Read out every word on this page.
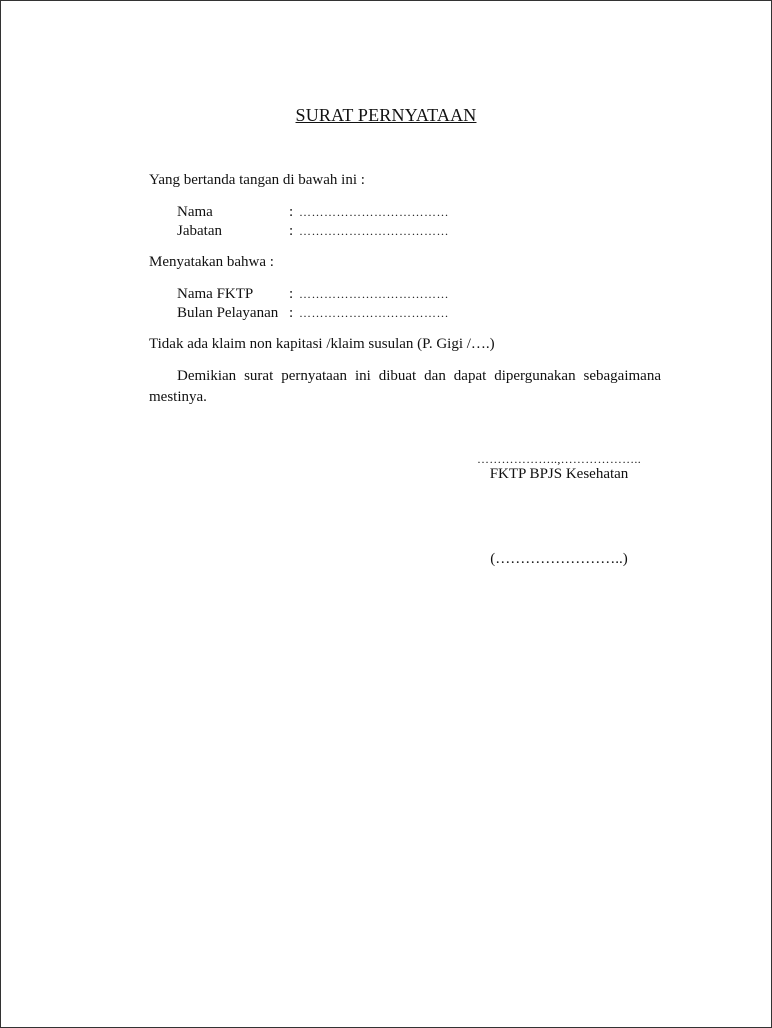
SURAT PERNYATAAN
Yang bertanda tangan di bawah ini :
Nama	: ………………………………
Jabatan	: ………………………………
Menyatakan bahwa :
Nama FKTP : ………………………………
Bulan Pelayanan : ………………………………
Tidak ada klaim non kapitasi /klaim susulan (P. Gigi /….)
Demikian surat pernyataan ini dibuat dan dapat dipergunakan sebagaimana mestinya.
………………..,………………..
FKTP BPJS Kesehatan
(……………………..)
